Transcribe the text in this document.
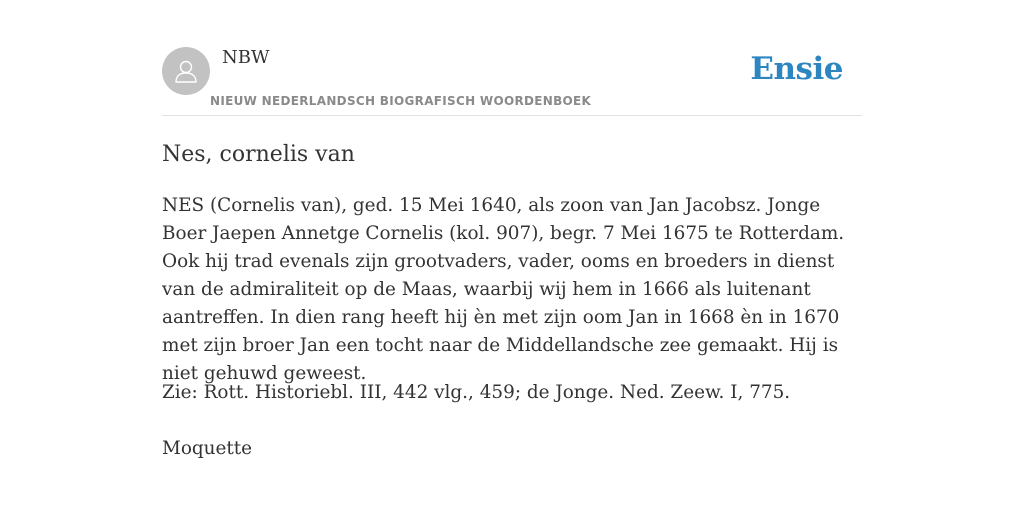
NBW
NIEUW NEDERLANDSCH BIOGRAFISCH WOORDENBOEK
Ensie
Nes, cornelis van

NES (Cornelis van), ged. 15 Mei 1640, als zoon van Jan Jacobsz. Jonge Boer Jaepen Annetge Cornelis (kol. 907), begr. 7 Mei 1675 te Rotterdam. Ook hij trad evenals zijn grootvaders, vader, ooms en broeders in dienst van de admiraliteit op de Maas, waarbij wij hem in 1666 als luitenant aantreffen. In dien rang heeft hij èn met zijn oom Jan in 1668 èn in 1670 met zijn broer Jan een tocht naar de Middellandsche zee gemaakt. Hij is niet gehuwd geweest.

Zie: Rott. Historiebl. III, 442 vlg., 459; de Jonge. Ned. Zeew. I, 775.

Moquette
